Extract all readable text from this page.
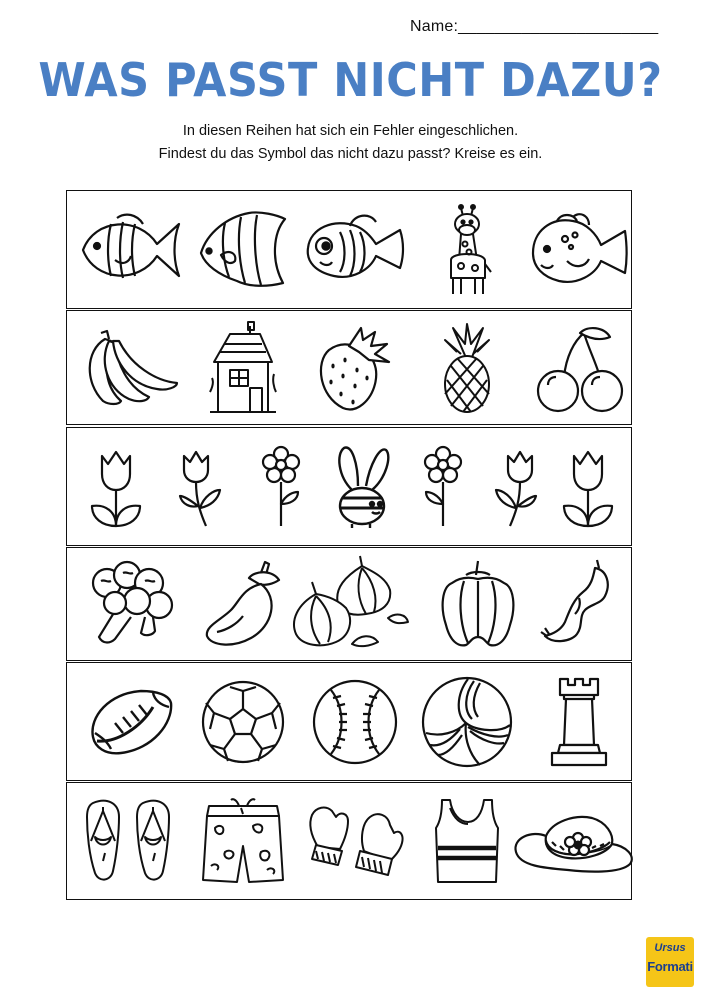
Name:______________________
WAS PASST NICHT DAZU?
In diesen Reihen hat sich ein Fehler eingeschlichen.
Findest du das Symbol das nicht dazu passt? Kreise es ein.
Ursus
Formati
